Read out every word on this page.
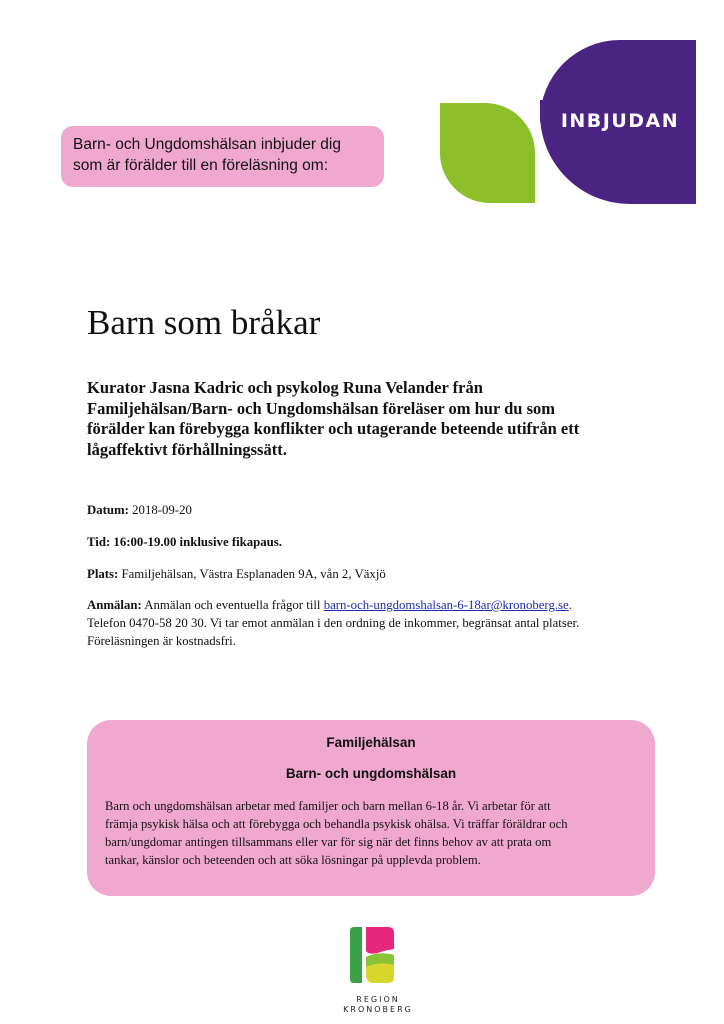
INBJUDAN
Barn- och Ungdomshälsan inbjuder dig
som är förälder till en föreläsning om:
Barn som bråkar
Kurator Jasna Kadric och psykolog Runa Velander från
Familjehälsan/Barn- och Ungdomshälsan föreläser om hur du som
förälder kan förebygga konflikter och utagerande beteende utifrån ett
lågaffektivt förhållningssätt.
Datum: 2018-09-20
Tid: 16:00-19.00 inklusive fikapaus.
Plats: Familjehälsan, Västra Esplanaden 9A, vån 2, Växjö
Anmälan: Anmälan och eventuella frågor till barn-och-ungdomshalsan-6-18ar@kronoberg.se.
Telefon 0470-58 20 30. Vi tar emot anmälan i den ordning de inkommer, begränsat antal platser.
Föreläsningen är kostnadsfri.
Familjehälsan
Barn- och ungdomshälsan
Barn och ungdomshälsan arbetar med familjer och barn mellan 6-18 år. Vi arbetar för att
främja psykisk hälsa och att förebygga och behandla psykisk ohälsa. Vi träffar föräldrar och
barn/ungdomar antingen tillsammans eller var för sig när det finns behov av att prata om
tankar, känslor och beteenden och att söka lösningar på upplevda problem.
REGION
KRONOBERG
